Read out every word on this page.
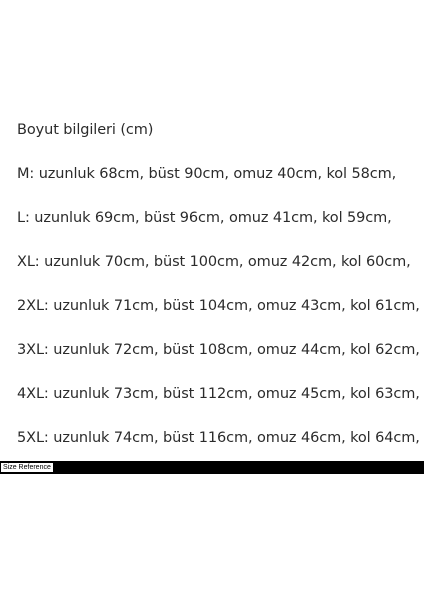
Boyut bilgileri (cm)
M: uzunluk 68cm, büst 90cm, omuz 40cm, kol 58cm,
L: uzunluk 69cm, büst 96cm, omuz 41cm, kol 59cm,
XL: uzunluk 70cm, büst 100cm, omuz 42cm, kol 60cm,
2XL: uzunluk 71cm, büst 104cm, omuz 43cm, kol 61cm,
3XL: uzunluk 72cm, büst 108cm, omuz 44cm, kol 62cm,
4XL: uzunluk 73cm, büst 112cm, omuz 45cm, kol 63cm,
5XL: uzunluk 74cm, büst 116cm, omuz 46cm, kol 64cm,
Size Reference
